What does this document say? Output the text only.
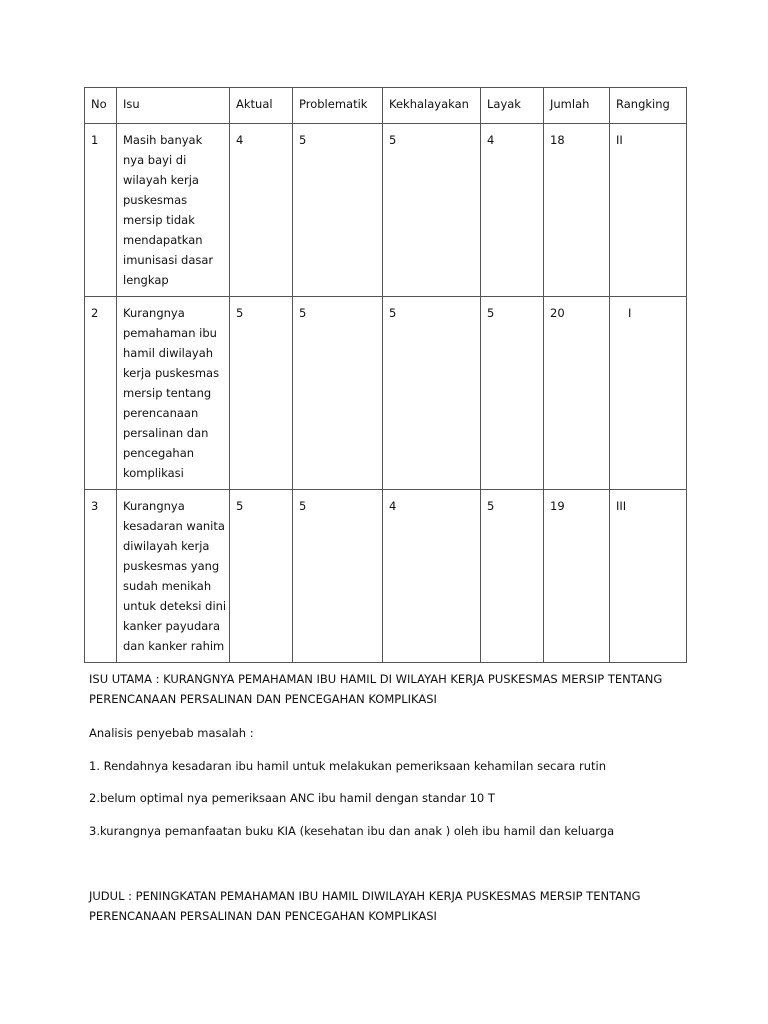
No	Isu	Aktual	Problematik	Kekhalayakan	Layak	Jumlah	Rangking
1	Masih banyak nya bayi di wilayah kerja puskesmas mersip tidak mendapatkan imunisasi dasar lengkap	4	5	5	4	18	II
2	Kurangnya pemahaman ibu hamil diwilayah kerja puskesmas mersip tentang perencanaan persalinan dan pencegahan komplikasi	5	5	5	5	20	I
3	Kurangnya kesadaran wanita diwilayah kerja puskesmas yang sudah menikah untuk deteksi dini kanker payudara dan kanker rahim	5	5	4	5	19	III

ISU UTAMA : KURANGNYA PEMAHAMAN IBU HAMIL DI WILAYAH KERJA PUSKESMAS MERSIP TENTANG PERENCANAAN PERSALINAN DAN PENCEGAHAN KOMPLIKASI

Analisis penyebab masalah :

1. Rendahnya kesadaran ibu hamil untuk melakukan pemeriksaan kehamilan secara rutin

2.belum optimal nya pemeriksaan ANC ibu hamil dengan standar 10 T

3.kurangnya pemanfaatan buku KIA (kesehatan ibu dan anak ) oleh ibu hamil dan keluarga

JUDUL : PENINGKATAN PEMAHAMAN IBU HAMIL DIWILAYAH KERJA PUSKESMAS MERSIP TENTANG PERENCANAAN PERSALINAN DAN PENCEGAHAN KOMPLIKASI
